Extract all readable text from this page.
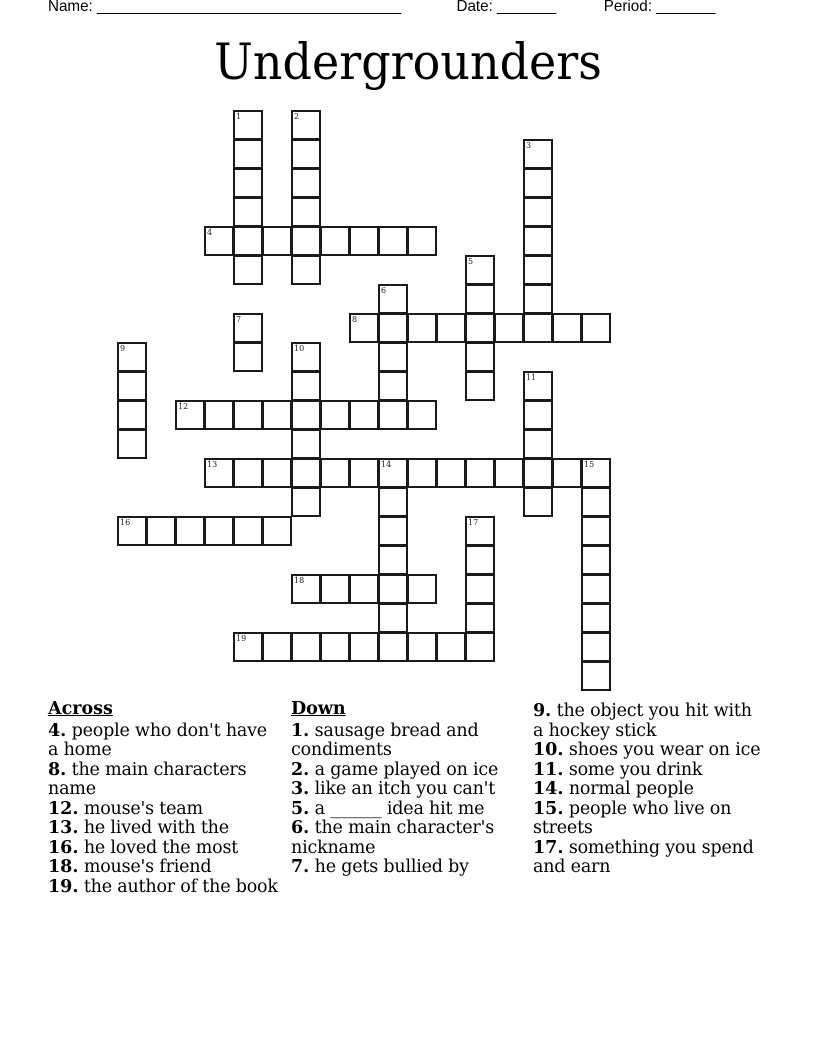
Name: ____________________________________

	Date: _______

	Period: _______

Undergrounders
1	2
3
4
5
6
7	8
9	10
11
12
13	14	15
16	17
18
19
Across
4. people who don't have a home
8. the main characters name
12. mouse's team
13. he lived with the
16. he loved the most
18. mouse's friend
19. the author of the book
Down
1. sausage bread and condiments
2. a game played on ice
3. like an itch you can't
5. a ______ idea hit me
6. the main character's nickname
7. he gets bullied by
9. the object you hit with a hockey stick
10. shoes you wear on ice
11. some you drink
14. normal people
15. people who live on streets
17. something you spend and earn
